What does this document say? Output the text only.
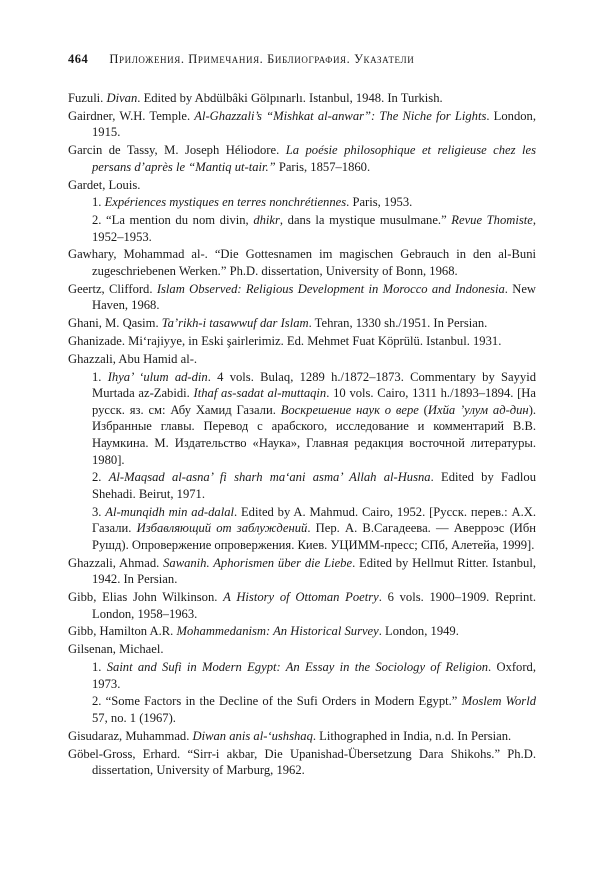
464 Приложения. Примечания. Библиография. Указатели
Fuzuli. Divan. Edited by Abdülbâki Gölpınarlı. Istanbul, 1948. In Turkish.
Gairdner, W.H. Temple. Al-Ghazzali’s “Mishkat al-anwar”: The Niche for Lights. London, 1915.
Garcin de Tassy, M. Joseph Héliodore. La poésie philosophique et religieuse chez les persans d’après le “Mantiq ut-tair.” Paris, 1857–1860.
Gardet, Louis.
1. Expériences mystiques en terres nonchrétiennes. Paris, 1953.
2. “La mention du nom divin, dhikr, dans la mystique musulmane.” Revue Thomiste, 1952–1953.
Gawhary, Mohammad al-. “Die Gottesnamen im magischen Gebrauch in den al-Buni zugeschriebenen Werken.” Ph.D. dissertation, University of Bonn, 1968.
Geertz, Clifford. Islam Observed: Religious Development in Morocco and Indonesia. New Haven, 1968.
Ghani, M. Qasim. Ta’rikh-i tasawwuf dar Islam. Tehran, 1330 sh./1951. In Persian.
Ghanizade. Mi‘rajiyye, in Eski şairlerimiz. Ed. Mehmet Fuat Köprülü. Istanbul. 1931.
Ghazzali, Abu Hamid al-.
1. Ihya’ ‘ulum ad-din. 4 vols. Bulaq, 1289 h./1872–1873. Commentary by Sayyid Murtada az-Zabidi. Ithaf as-sadat al-muttaqin. 10 vols. Cairo, 1311 h./1893–1894. [На русск. яз. см: Абу Хамид Газали. Воскрешение наук о вере (Ихйа ’улум ад-дин). Избранные главы. Перевод с арабского, исследование и комментарий В.В. Наумкина. М. Издательство «Наука», Главная редакция восточной литературы. 1980].
2. Al-Maqsad al-asna’ fi sharh ma‘ani asma’ Allah al-Husna. Edited by Fadlou Shehadi. Beirut, 1971.
3. Al-munqidh min ad-dalal. Edited by A. Mahmud. Cairo, 1952. [Русск. перев.: А.Х. Газали. Избавляющий от заблуждений. Пер. А. В.Сагадеева. — Аверроэс (Ибн Рушд). Опровержение опровержения. Киев. УЦИММ-пресс; СПб, Алетейа, 1999].
Ghazzali, Ahmad. Sawanih. Aphorismen über die Liebe. Edited by Hellmut Ritter. Istanbul, 1942. In Persian.
Gibb, Elias John Wilkinson. A History of Ottoman Poetry. 6 vols. 1900–1909. Reprint. London, 1958–1963.
Gibb, Hamilton A.R. Mohammedanism: An Historical Survey. London, 1949.
Gilsenan, Michael.
1. Saint and Sufi in Modern Egypt: An Essay in the Sociology of Religion. Oxford, 1973.
2. “Some Factors in the Decline of the Sufi Orders in Modern Egypt.” Moslem World 57, no. 1 (1967).
Gisudaraz, Muhammad. Diwan anis al-‘ushshaq. Lithographed in India, n.d. In Persian.
Göbel-Gross, Erhard. “Sirr-i akbar, Die Upanishad-Übersetzung Dara Shikohs.” Ph.D. dissertation, University of Marburg, 1962.
